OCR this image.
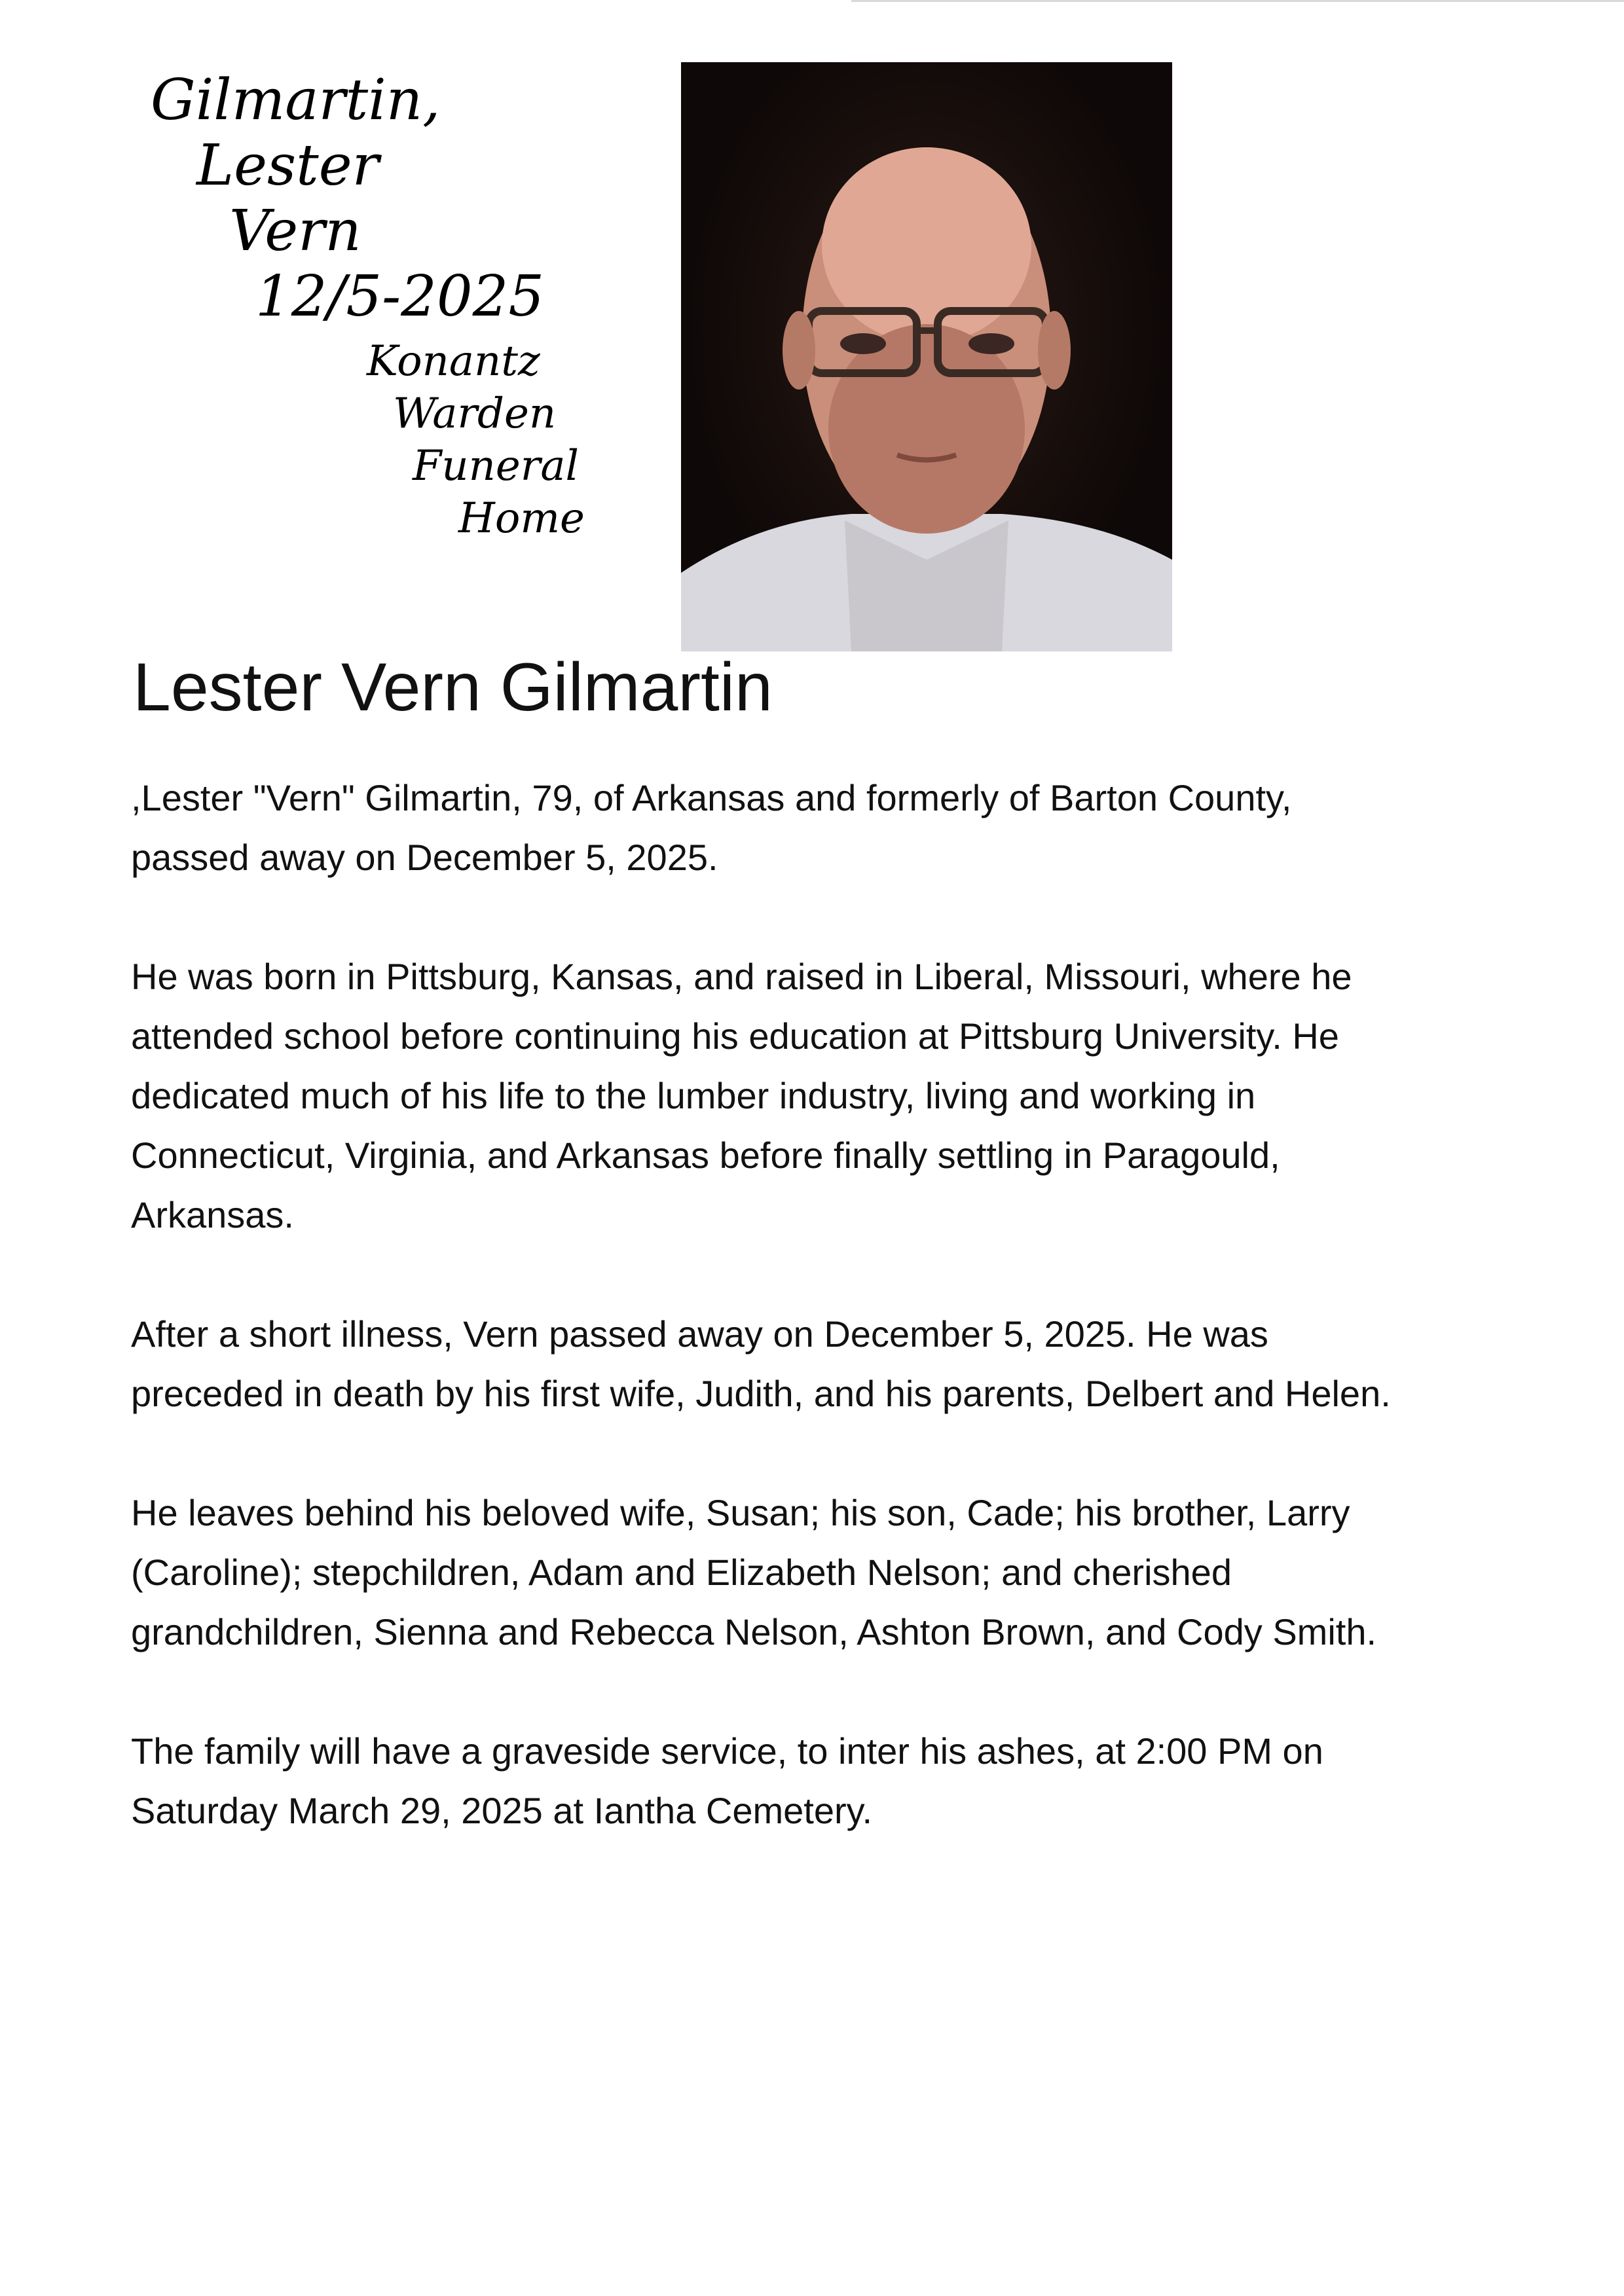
Gilmartin,
Lester
Vern
12/5-2025
Konantz
Warden
Funeral
Home
Lester Vern Gilmartin

,Lester "Vern" Gilmartin, 79, of Arkansas and formerly of Barton County,
passed away on December 5, 2025.

He was born in Pittsburg, Kansas, and raised in Liberal, Missouri, where he
attended school before continuing his education at Pittsburg University. He
dedicated much of his life to the lumber industry, living and working in
Connecticut, Virginia, and Arkansas before finally settling in Paragould,
Arkansas.

After a short illness, Vern passed away on December 5, 2025. He was
preceded in death by his first wife, Judith, and his parents, Delbert and Helen.

He leaves behind his beloved wife, Susan; his son, Cade; his brother, Larry
(Caroline); stepchildren, Adam and Elizabeth Nelson; and cherished
grandchildren, Sienna and Rebecca Nelson, Ashton Brown, and Cody Smith.

The family will have a graveside service, to inter his ashes, at 2:00 PM on
Saturday March 29, 2025 at Iantha Cemetery.
